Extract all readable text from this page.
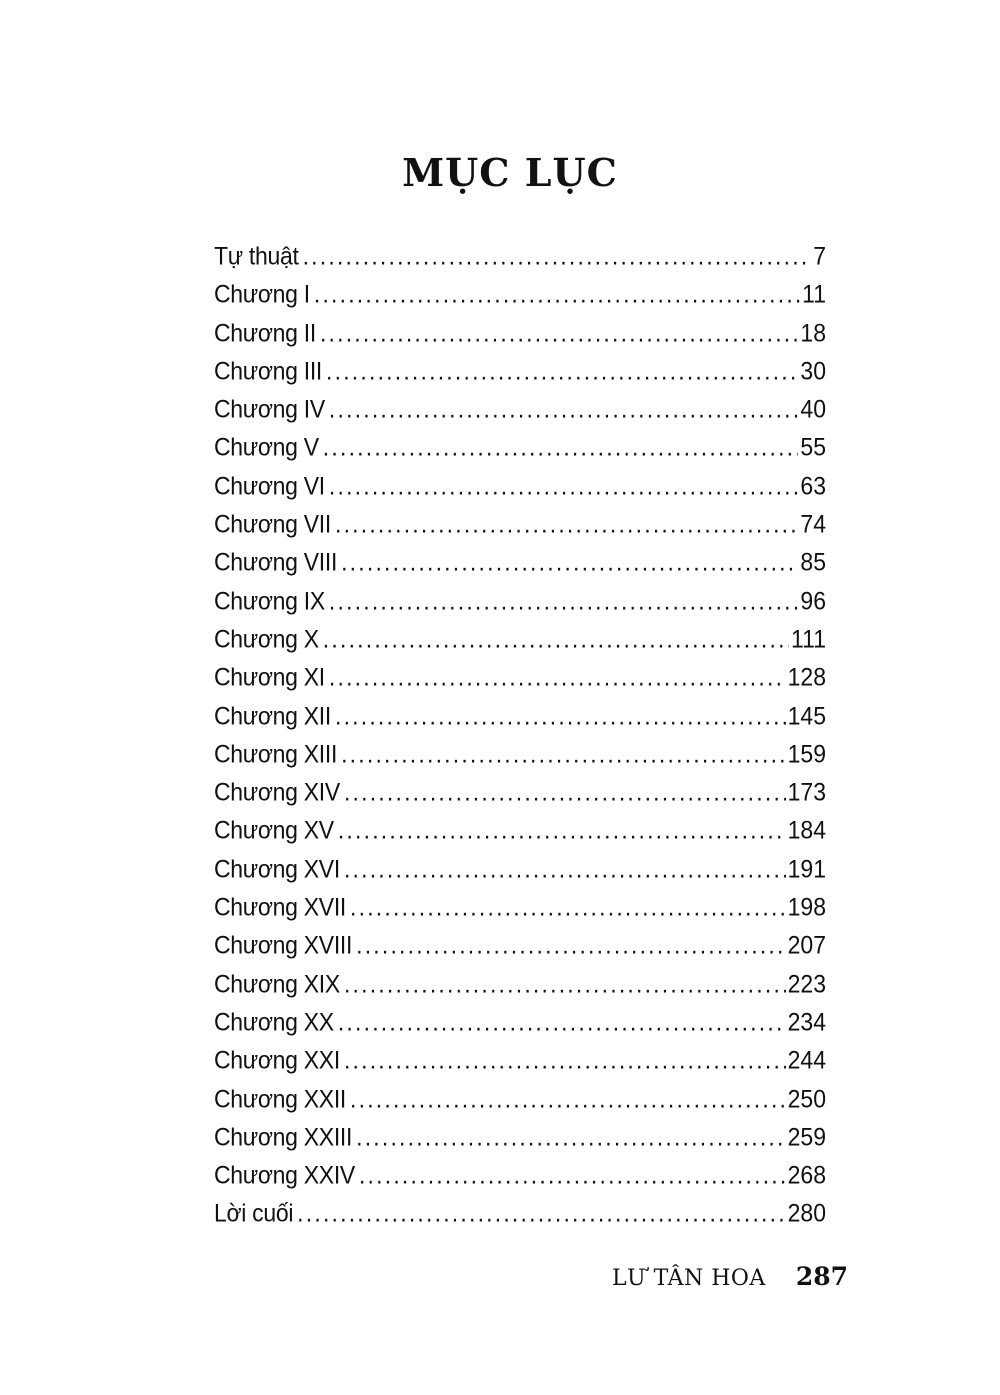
MỤC LỤC
Tự thuật .....	7
Chương I .....	11
Chương II .....	18
Chương III .....	30
Chương IV .....	40
Chương V .....	55
Chương VI .....	63
Chương VII .....	74
Chương VIII .....	85
Chương IX .....	96
Chương X .....	111
Chương XI .....	128
Chương XII .....	145
Chương XIII .....	159
Chương XIV .....	173
Chương XV .....	184
Chương XVI .....	191
Chương XVII .....	198
Chương XVIII .....	207
Chương XIX .....	223
Chương XX .....	234
Chương XXI .....	244
Chương XXII .....	250
Chương XXIII .....	259
Chương XXIV .....	268
Lời cuối .....	280
LƯ TÂN HOA 287
